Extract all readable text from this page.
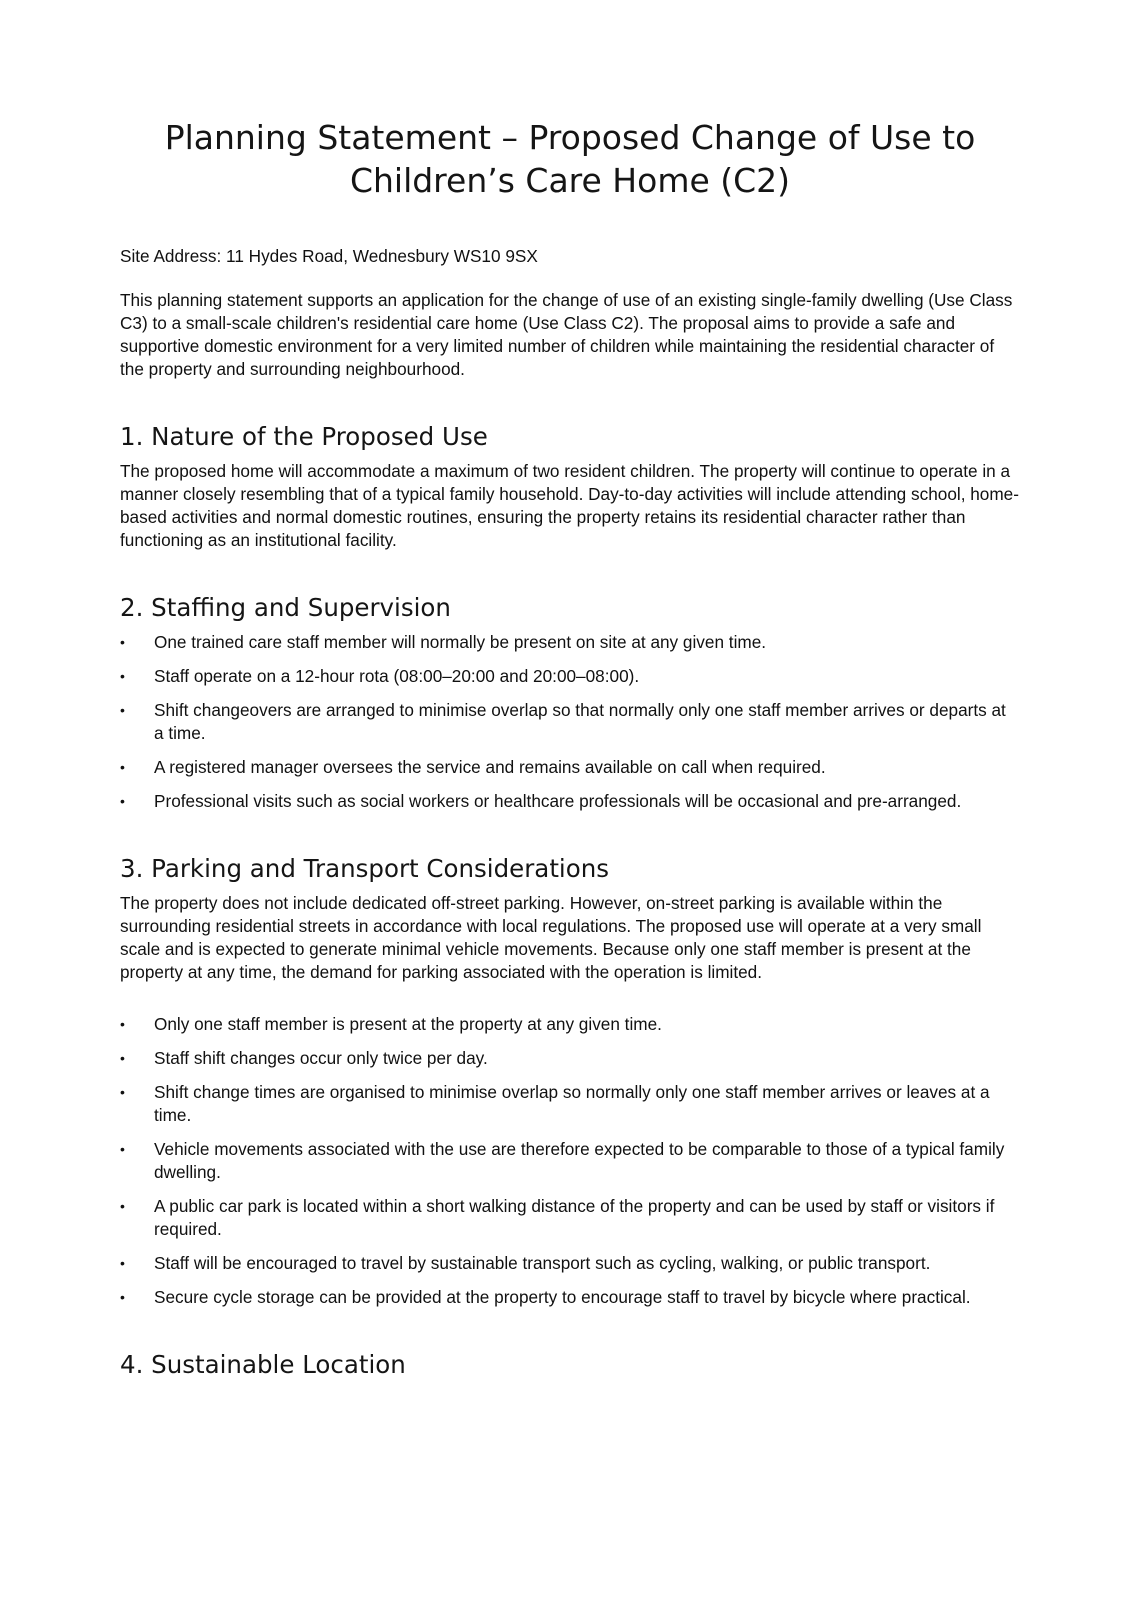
Planning Statement – Proposed Change of Use to Children’s Care Home (C2)

Site Address: 11 Hydes Road, Wednesbury WS10 9SX

This planning statement supports an application for the change of use of an existing single-family dwelling (Use Class C3) to a small-scale children's residential care home (Use Class C2). The proposal aims to provide a safe and supportive domestic environment for a very limited number of children while maintaining the residential character of the property and surrounding neighbourhood.

1. Nature of the Proposed Use

The proposed home will accommodate a maximum of two resident children. The property will continue to operate in a manner closely resembling that of a typical family household. Day-to-day activities will include attending school, home-based activities and normal domestic routines, ensuring the property retains its residential character rather than functioning as an institutional facility.

2. Staffing and Supervision
• One trained care staff member will normally be present on site at any given time.
• Staff operate on a 12-hour rota (08:00–20:00 and 20:00–08:00).
• Shift changeovers are arranged to minimise overlap so that normally only one staff member arrives or departs at a time.
• A registered manager oversees the service and remains available on call when required.
• Professional visits such as social workers or healthcare professionals will be occasional and pre-arranged.
3. Parking and Transport Considerations

The property does not include dedicated off-street parking. However, on-street parking is available within the surrounding residential streets in accordance with local regulations. The proposed use will operate at a very small scale and is expected to generate minimal vehicle movements. Because only one staff member is present at the property at any time, the demand for parking associated with the operation is limited.

• Only one staff member is present at the property at any given time.
• Staff shift changes occur only twice per day.
• Shift change times are organised to minimise overlap so normally only one staff member arrives or leaves at a time.
• Vehicle movements associated with the use are therefore expected to be comparable to those of a typical family dwelling.
• A public car park is located within a short walking distance of the property and can be used by staff or visitors if required.
• Staff will be encouraged to travel by sustainable transport such as cycling, walking, or public transport.
• Secure cycle storage can be provided at the property to encourage staff to travel by bicycle where practical.
4. Sustainable Location
